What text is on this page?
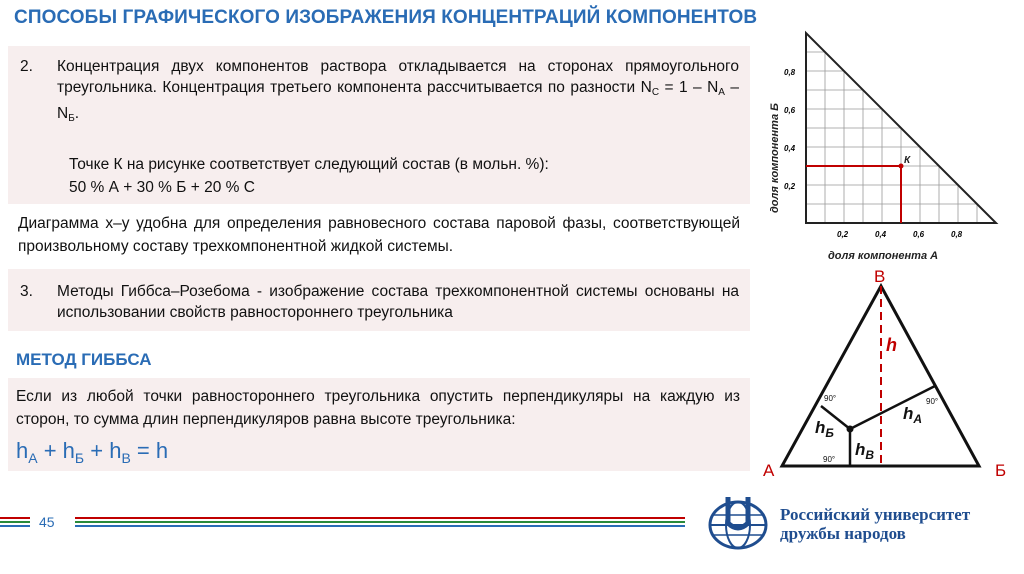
СПОСОБЫ ГРАФИЧЕСКОГО ИЗОБРАЖЕНИЯ КОНЦЕНТРАЦИЙ КОМПОНЕНТОВ
2. Концентрация двух компонентов раствора откладывается на сторонах прямоугольного треугольника. Концентрация третьего компонента рассчитывается по разности $N_С = 1 - N_А - N_Б$.
Точке К на рисунке соответствует следующий состав (в мольн. %):
50 % А + 30 % Б + 20 % С
Диаграмма x–y удобна для определения равновесного состава паровой фазы, соответствующей произвольному составу трехкомпонентной жидкой системы.
3. Методы Гиббса–Розебома - изображение состава трехкомпонентной системы основаны на использовании свойств равностороннего треугольника
МЕТОД ГИББСА
Если из любой точки равностороннего треугольника опустить перпендикуляры на каждую из сторон, то сумма длин перпендикуляров равна высоте треугольника:
$h_А + h_Б + h_В = h$
К
0,8
0,6
0,4
0,2
0,2	0,4	0,6	0,8
доля компонента Б
доля компонента А
h
В
А	Б
$h_А$
$h_Б$
$h_В$
90°	90°
90°
45	Российский университет
дружбы народов
